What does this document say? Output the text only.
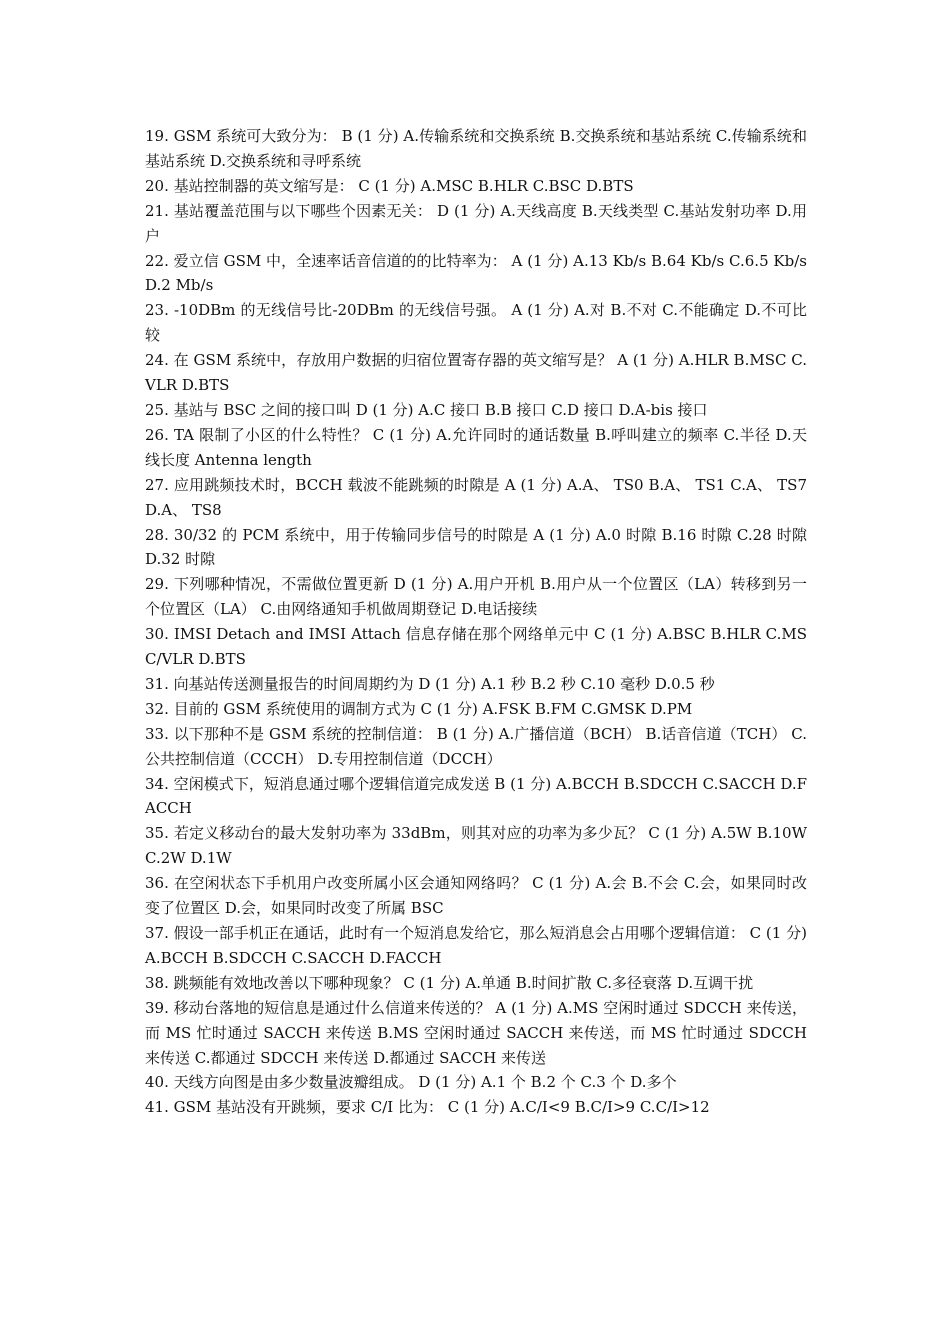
19. GSM 系统可大致分为： B (1 分) A.传输系统和交换系统 B.交换系统和基站系统 C.传输系统和基站系统 D.交换系统和寻呼系统

20. 基站控制器的英文缩写是： C (1 分) A.MSC B.HLR C.BSC D.BTS

21. 基站覆盖范围与以下哪些个因素无关： D (1 分) A.天线高度 B.天线类型 C.基站发射功率 D.用户

22. 爱立信 GSM 中，全速率话音信道的的比特率为： A (1 分) A.13 Kb/s B.64 Kb/s C.6.5 Kb/s D.2 Mb/s

23. -10DBm 的无线信号比-20DBm 的无线信号强。 A (1 分) A.对 B.不对 C.不能确定 D.不可比较

24. 在 GSM 系统中，存放用户数据的归宿位置寄存器的英文缩写是？ A (1 分) A.HLR B.MSC C.VLR D.BTS

25. 基站与 BSC 之间的接口叫 D (1 分) A.C 接口 B.B 接口 C.D 接口 D.A-bis 接口

26. TA 限制了小区的什么特性？ C (1 分) A.允许同时的通话数量 B.呼叫建立的频率 C.半径 D.天线长度 Antenna length

27. 应用跳频技术时，BCCH 载波不能跳频的时隙是 A (1 分) A.A、 TS0 B.A、 TS1 C.A、 TS7 D.A、 TS8

28. 30/32 的 PCM 系统中，用于传输同步信号的时隙是 A (1 分) A.0 时隙 B.16 时隙 C.28 时隙 D.32 时隙

29. 下列哪种情况，不需做位置更新 D (1 分) A.用户开机 B.用户从一个位置区（LA）转移到另一个位置区（LA） C.由网络通知手机做周期登记 D.电话接续

30. IMSI Detach and IMSI Attach 信息存储在那个网络单元中 C (1 分) A.BSC B.HLR C.MSC/VLR D.BTS

31. 向基站传送测量报告的时间周期约为 D (1 分) A.1 秒 B.2 秒 C.10 毫秒 D.0.5 秒

32. 目前的 GSM 系统使用的调制方式为 C (1 分) A.FSK B.FM C.GMSK D.PM

33. 以下那种不是 GSM 系统的控制信道： B (1 分) A.广播信道（BCH） B.话音信道（TCH） C.公共控制信道（CCCH） D.专用控制信道（DCCH）

34. 空闲模式下，短消息通过哪个逻辑信道完成发送 B (1 分) A.BCCH B.SDCCH C.SACCH D.FACCH

35. 若定义移动台的最大发射功率为 33dBm，则其对应的功率为多少瓦？ C (1 分) A.5W B.10W C.2W D.1W

36. 在空闲状态下手机用户改变所属小区会通知网络吗？ C (1 分) A.会 B.不会 C.会，如果同时改变了位置区 D.会，如果同时改变了所属 BSC

37. 假设一部手机正在通话，此时有一个短消息发给它，那么短消息会占用哪个逻辑信道： C (1 分) A.BCCH B.SDCCH C.SACCH D.FACCH

38. 跳频能有效地改善以下哪种现象？ C (1 分) A.单通 B.时间扩散 C.多径衰落 D.互调干扰

39. 移动台落地的短信息是通过什么信道来传送的？ A (1 分) A.MS 空闲时通过 SDCCH 来传送，而 MS 忙时通过 SACCH 来传送 B.MS 空闲时通过 SACCH 来传送，而 MS 忙时通过 SDCCH 来传送 C.都通过 SDCCH 来传送 D.都通过 SACCH 来传送

40. 天线方向图是由多少数量波瓣组成。 D (1 分) A.1 个 B.2 个 C.3 个 D.多个

41. GSM 基站没有开跳频，要求 C/I 比为： C (1 分) A.C/I<9 B.C/I>9 C.C/I>12
